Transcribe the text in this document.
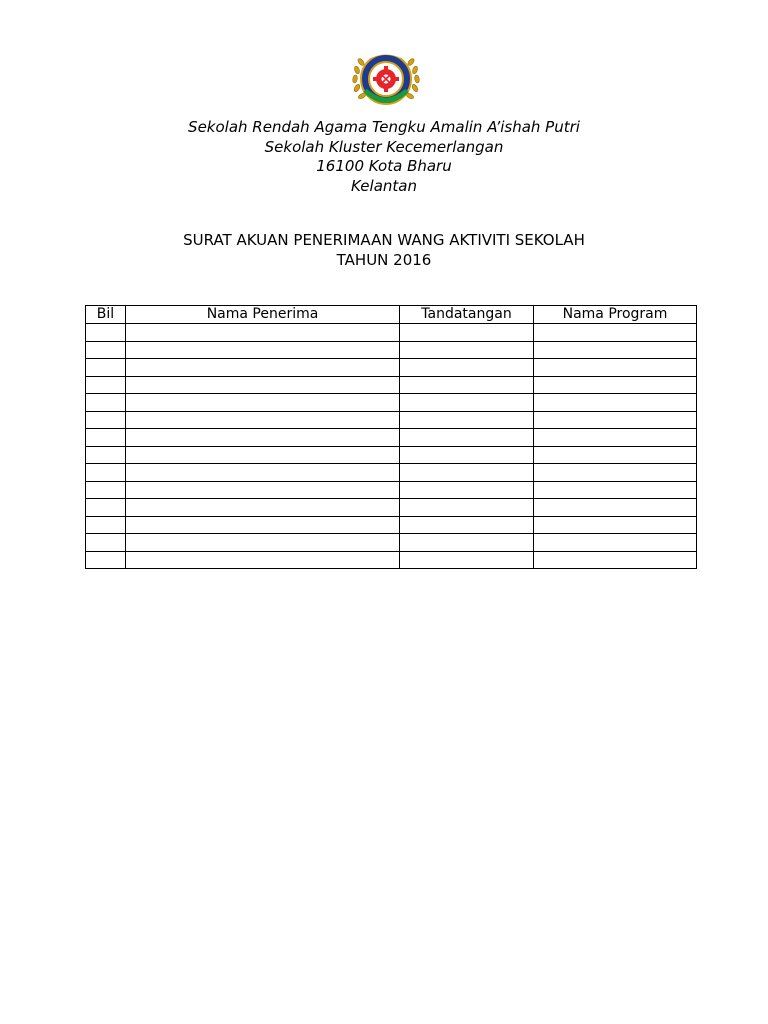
Sekolah Rendah Agama Tengku Amalin A’ishah Putri
Sekolah Kluster Kecemerlangan
16100 Kota Bharu
Kelantan
SURAT AKUAN PENERIMAAN WANG AKTIVITI SEKOLAH
TAHUN 2016
Bil	Nama Penerima	Tandatangan	Nama Program
